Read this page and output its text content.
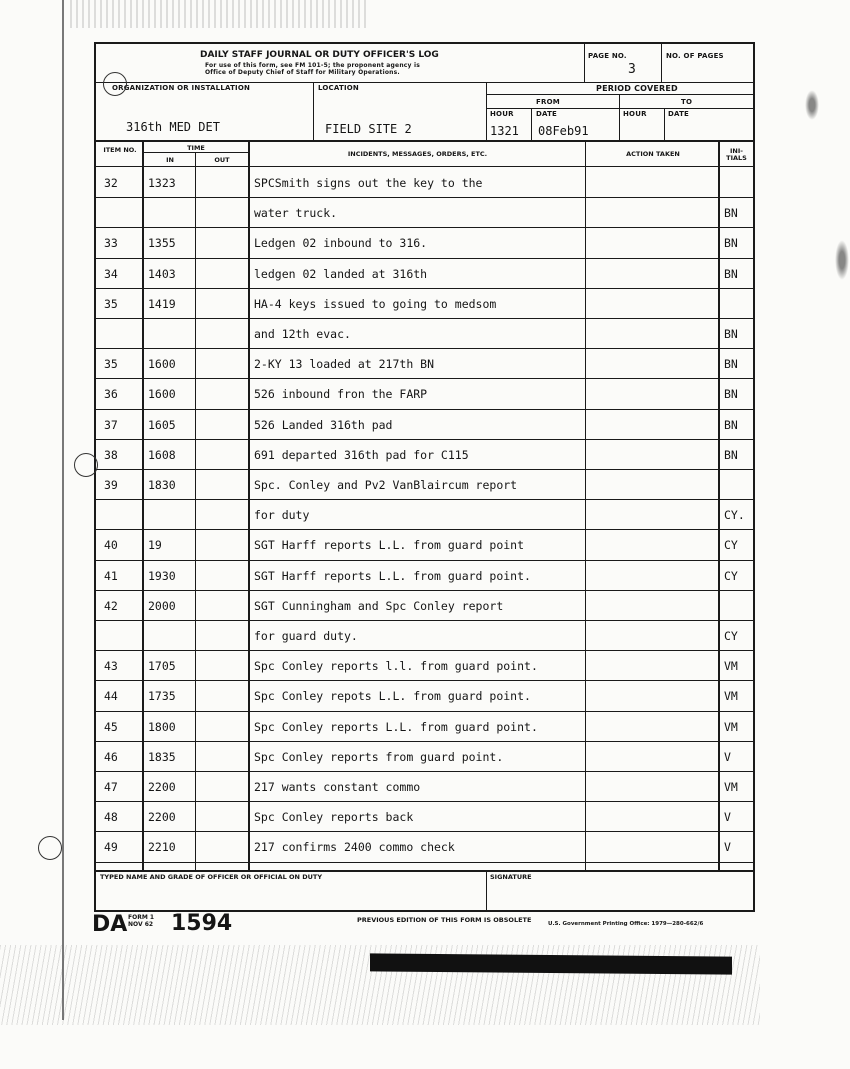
DAILY STAFF JOURNAL OR DUTY OFFICER'S LOG
For use of this form, see FM 101-5; the proponent agency is
Office of Deputy Chief of Staff for Military Operations.
PAGE NO.
3
NO. OF PAGES
ORGANIZATION OR INSTALLATION
316th MED DET
LOCATION
FIELD SITE 2
PERIOD COVERED
FROM	TO
HOUR	DATE	HOUR	DATE
1321 08Feb91
ITEM NO.	TIME
IN	OUT
INCIDENTS, MESSAGES, ORDERS, ETC.	ACTION TAKEN	INI- TIALS
32	1323	SPCSmith signs out the key to the
water truck.	BN
33	1355	Ledgen 02 inbound to 316.	BN
34	1403	ledgen 02 landed at 316th	BN
35	1419	HA-4 keys issued to going to medsom
and 12th evac.	BN
35	1600	2-KY 13 loaded at 217th BN	BN
36	1600	526 inbound fron the FARP	BN
37	1605	526 Landed 316th pad	BN
38	1608	691 departed 316th pad for C115	BN
39	1830	Spc. Conley and Pv2 VanBlaircum report
for duty	CY.
40	19	SGT Harff reports L.L. from guard point	CY
41	1930	SGT Harff reports L.L. from guard point.	CY
42	2000	SGT Cunningham and Spc Conley report
for guard duty.	CY
43	1705	Spc Conley reports l.l. from guard point.	VM
44	1735	Spc Conley repots L.L. from guard point.	VM
45	1800	Spc Conley reports L.L. from guard point.	VM
46	1835	Spc Conley reports from guard point.	V
47	2200	217 wants constant commo	VM
48	2200	Spc Conley reports back	V
49	2210	217 confirms 2400 commo check	V
TYPED NAME AND GRADE OF OFFICER OR OFFICIAL ON DUTY	SIGNATURE
DA FORM 1 NOV 62 1594	PREVIOUS EDITION OF THIS FORM IS OBSOLETE	U.S. Government Printing Office: 1979—280-662/6
